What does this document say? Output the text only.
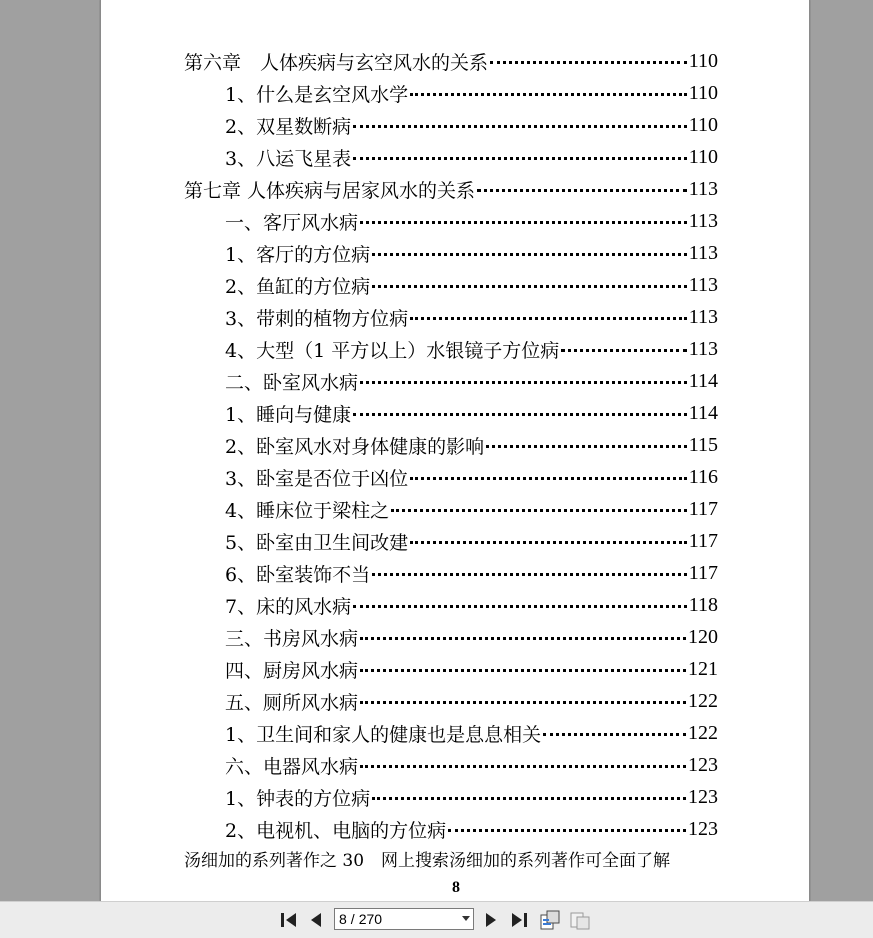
第六章　人体疾病与玄空风水的关系	110
1、什么是玄空风水学	110
2、双星数断病	110
3、八运飞星表	110
第七章 人体疾病与居家风水的关系	113
一、客厅风水病	113
1、客厅的方位病	113
2、鱼缸的方位病	113
3、带刺的植物方位病	113
4、大型（1 平方以上）水银镜子方位病	113
二、卧室风水病	114
1、睡向与健康	114
2、卧室风水对身体健康的影响	115
3、卧室是否位于凶位	116
4、睡床位于梁柱之	117
5、卧室由卫生间改建	117
6、卧室装饰不当	117
7、床的风水病	118
三、书房风水病	120
四、厨房风水病	121
五、厕所风水病	122
1、卫生间和家人的健康也是息息相关	122
六、电器风水病	123
1、钟表的方位病	123
2、电视机、电脑的方位病	123
汤细加的系列著作之 30　网上搜索汤细加的系列著作可全面了解
8
8 / 270
